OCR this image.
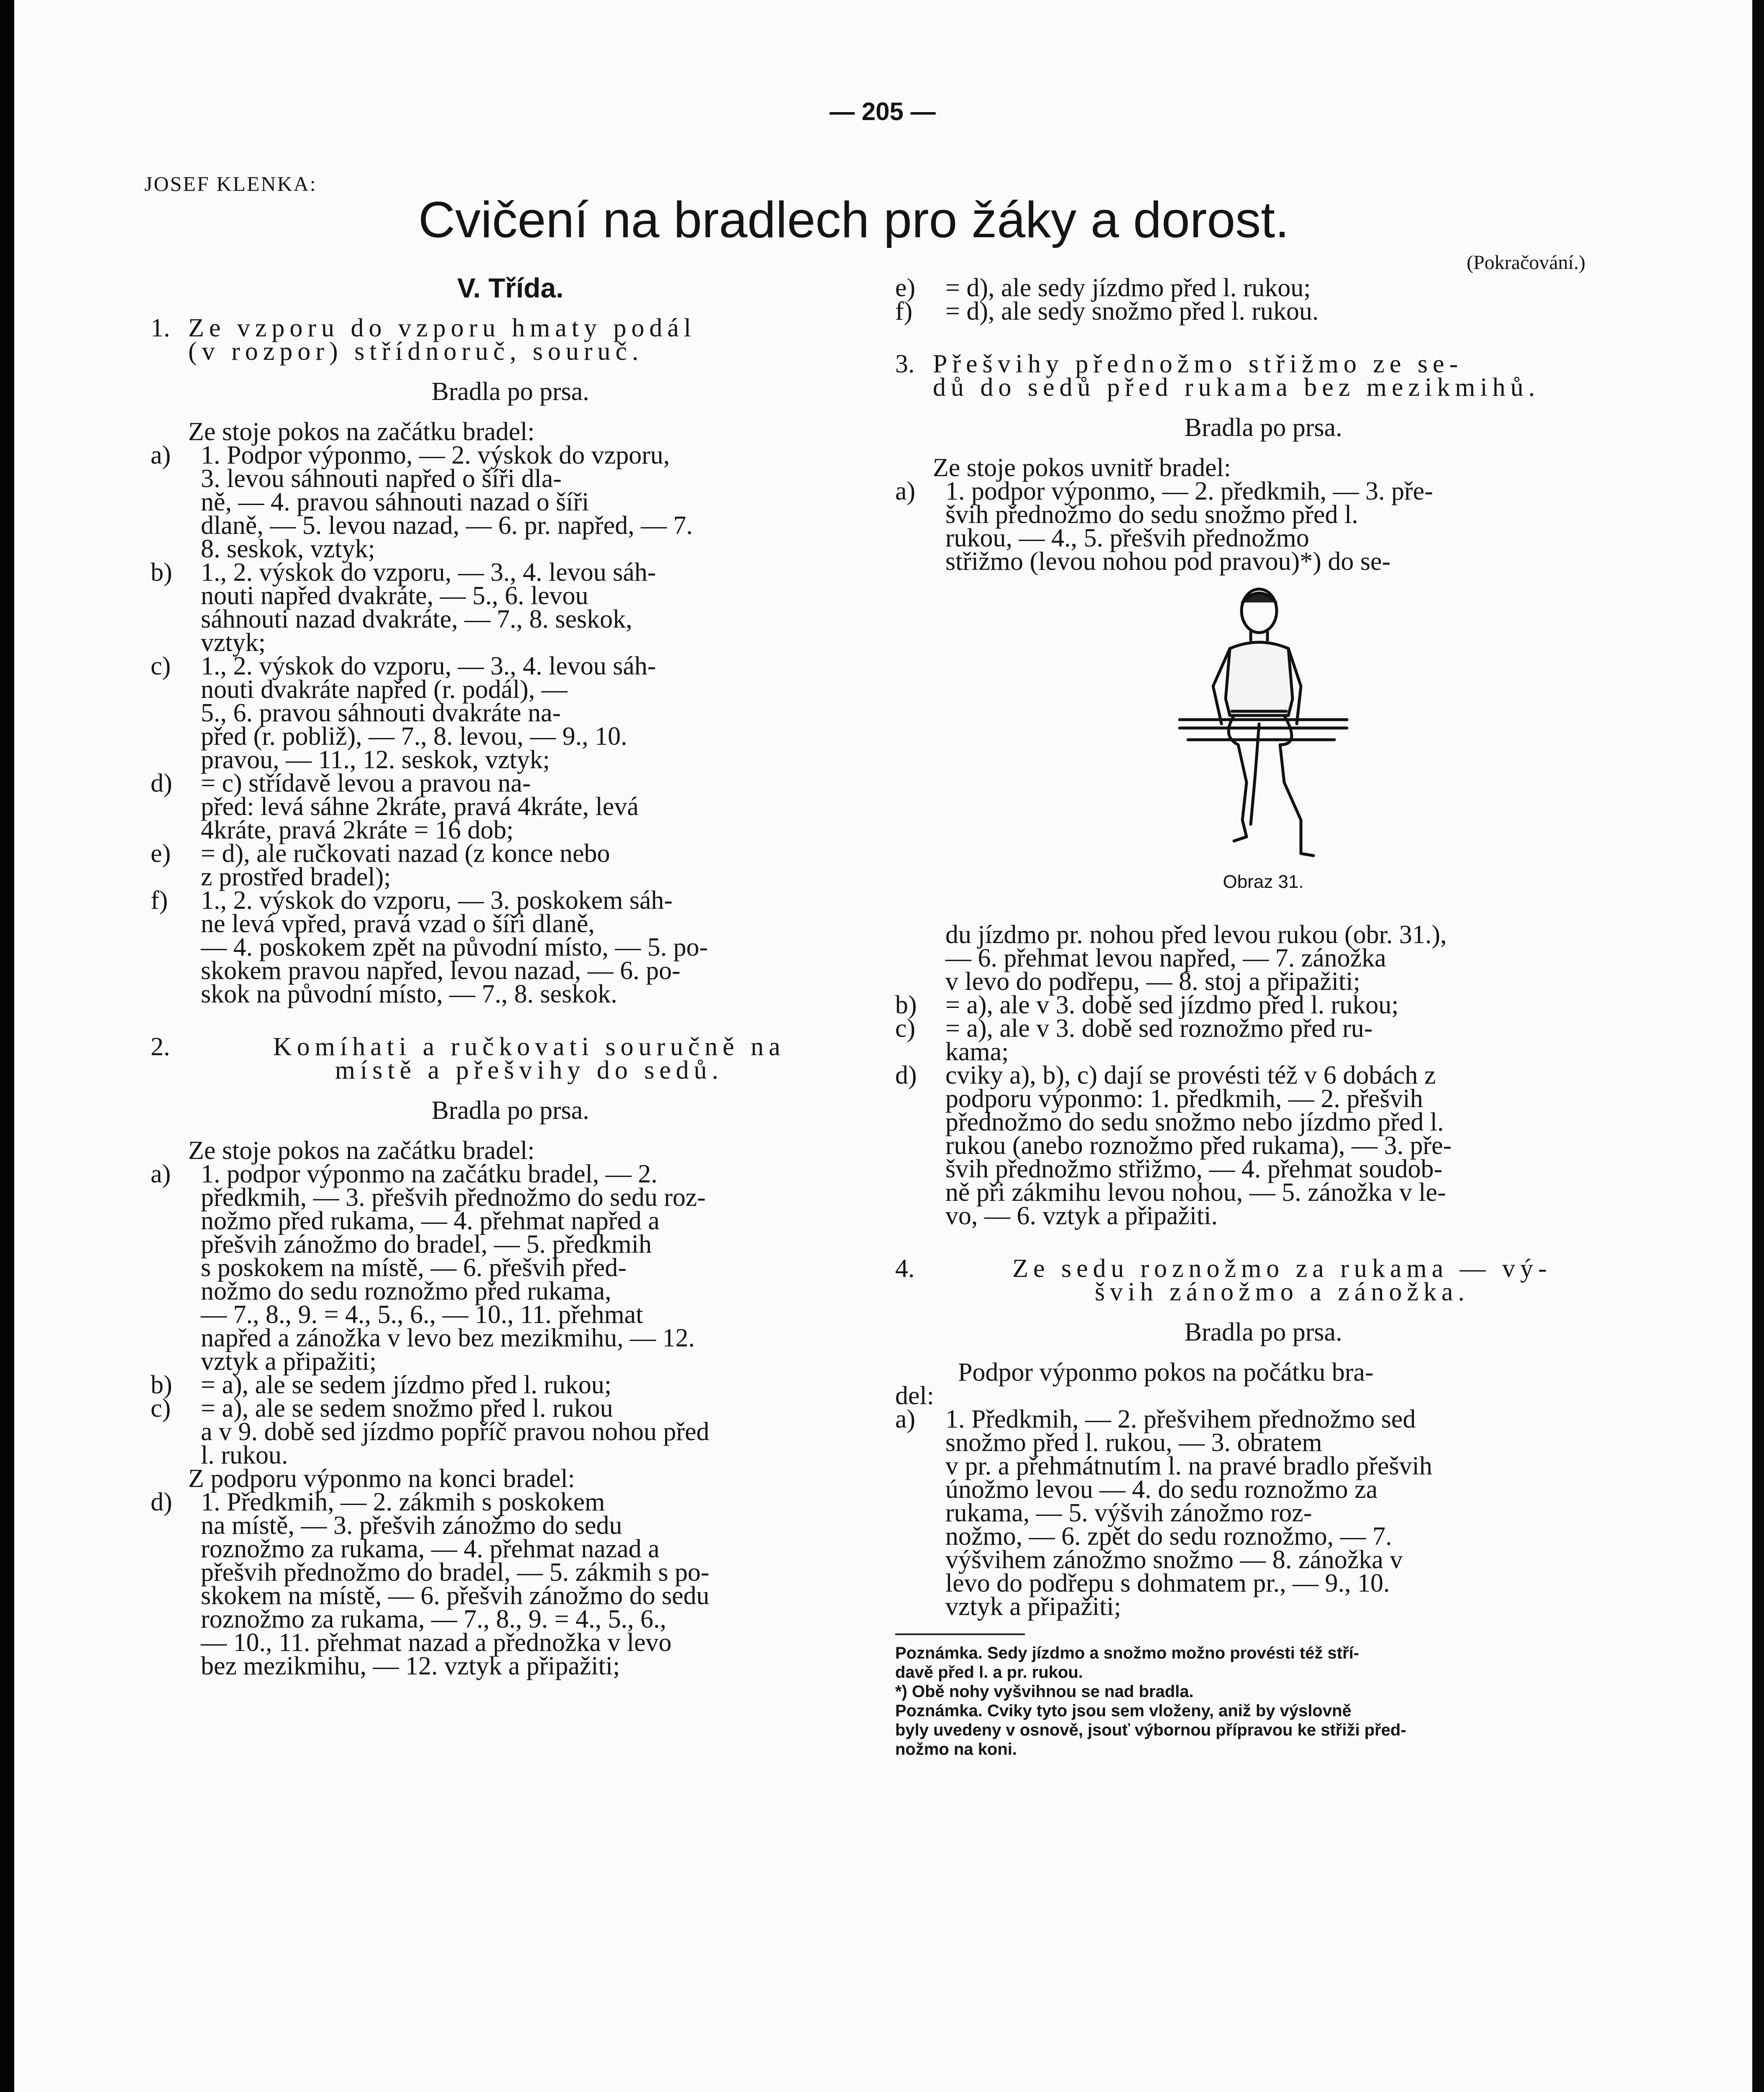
— 205 —
JOSEF KLENKA:
Cvičení na bradlech pro žáky a dorost.
(Pokračování.)

V. Třída.

1. Ze vzporu do vzporu hmaty podál
(v rozpor) střídnoruč, souruč.

Bradla po prsa.

Ze stoje pokos na začátku bradel:

a)	1. Podpor výponmo, — 2. výskok do vzporu,
3. levou sáhnouti napřed o šíři dla-
ně, — 4. pravou sáhnouti nazad o šíři
dlaně, — 5. levou nazad, — 6. pr. napřed, — 7.
8. seskok, vztyk;
b)	1., 2. výskok do vzporu, — 3., 4. levou sáh-
nouti napřed dvakráte, — 5., 6. levou
sáhnouti nazad dvakráte, — 7., 8. seskok,
vztyk;
c)	1., 2. výskok do vzporu, — 3., 4. levou sáh-
nouti dvakráte napřed (r. podál), —
5., 6. pravou sáhnouti dvakráte na-
před (r. pobliž), — 7., 8. levou, — 9., 10.
pravou, — 11., 12. seskok, vztyk;
d)	= c) střídavě levou a pravou na-
před: levá sáhne 2kráte, pravá 4kráte, levá
4kráte, pravá 2kráte = 16 dob;
e)	= d), ale ručkovati nazad (z konce nebo
z prostřed bradel);
f)	1., 2. výskok do vzporu, — 3. poskokem sáh-
ne levá vpřed, pravá vzad o šíři dlaně,
— 4. poskokem zpět na původní místo, — 5. po-
skokem pravou napřed, levou nazad, — 6. po-
skok na původní místo, — 7., 8. seskok.
2.	Komíhati a ručkovati souručně na
místě a přešvihy do sedů.

Bradla po prsa.

Ze stoje pokos na začátku bradel:

a)	1. podpor výponmo na začátku bradel, — 2.
předkmih, — 3. přešvih přednožmo do sedu roz-
nožmo před rukama, — 4. přehmat napřed a
přešvih zánožmo do bradel, — 5. předkmih
s poskokem na místě, — 6. přešvih před-
nožmo do sedu roznožmo před rukama,
— 7., 8., 9. = 4., 5., 6., — 10., 11. přehmat
napřed a zánožka v levo bez mezikmihu, — 12.
vztyk a připažiti;
b)	= a), ale se sedem jízdmo před l. rukou;
c)	= a), ale se sedem snožmo před l. rukou
a v 9. době sed jízdmo popříč pravou nohou před
l. rukou.

Z podporu výponmo na konci bradel:

d)	1. Předkmih, — 2. zákmih s poskokem
na místě, — 3. přešvih zánožmo do sedu
roznožmo za rukama, — 4. přehmat nazad a
přešvih přednožmo do bradel, — 5. zákmih s po-
skokem na místě, — 6. přešvih zánožmo do sedu
roznožmo za rukama, — 7., 8., 9. = 4., 5., 6.,
— 10., 11. přehmat nazad a přednožka v levo
bez mezikmihu, — 12. vztyk a připažiti;
e)	= d), ale sedy jízdmo před l. rukou;
f)	= d), ale sedy snožmo před l. rukou.
3. Přešvihy přednožmo střižmo ze se-
dů do sedů před rukama bez mezikmihů.

Bradla po prsa.

Ze stoje pokos uvnitř bradel:

a)	1. podpor výponmo, — 2. předkmih, — 3. pře-
švih přednožmo do sedu snožmo před l.
rukou, — 4., 5. přešvih přednožmo
střižmo (levou nohou pod pravou)*) do se-

Obraz 31.

du jízdmo pr. nohou před levou rukou (obr. 31.),

— 6. přehmat levou napřed, — 7. zánožka

v levo do podřepu, — 8. stoj a připažiti;

b)	= a), ale v 3. době sed jízdmo před l. rukou;
c)	= a), ale v 3. době sed roznožmo před ru-
kama;
d)	cviky a), b), c) dají se provésti též v 6 dobách z
podporu výponmo: 1. předkmih, — 2. přešvih
přednožmo do sedu snožmo nebo jízdmo před l.
rukou (anebo roznožmo před rukama), — 3. pře-
švih přednožmo střižmo, — 4. přehmat soudob-
ně při zákmihu levou nohou, — 5. zánožka v le-
vo, — 6. vztyk a připažiti.
4.	Ze sedu roznožmo za rukama — vý-
švih zánožmo a zánožka.

Bradla po prsa.

Podpor výponmo pokos na počátku bra-

del:

a)	1. Předkmih, — 2. přešvihem přednožmo sed
snožmo před l. rukou, — 3. obratem
v pr. a přehmátnutím l. na pravé bradlo přešvih
únožmo levou — 4. do sedu roznožmo za
rukama, — 5. výšvih zánožmo roz-
nožmo, — 6. zpět do sedu roznožmo, — 7.
výšvihem zánožmo snožmo — 8. zánožka v
levo do podřepu s dohmatem pr., — 9., 10.
vztyk a připažiti;

Poznámka. Sedy jízdmo a snožmo možno provésti též stří-

davě před l. a pr. rukou.

*) Obě nohy vyšvihnou se nad bradla.

Poznámka. Cviky tyto jsou sem vloženy, aniž by výslovně

byly uvedeny v osnově, jsouť výbornou přípravou ke střiži před-

nožmo na koni.
